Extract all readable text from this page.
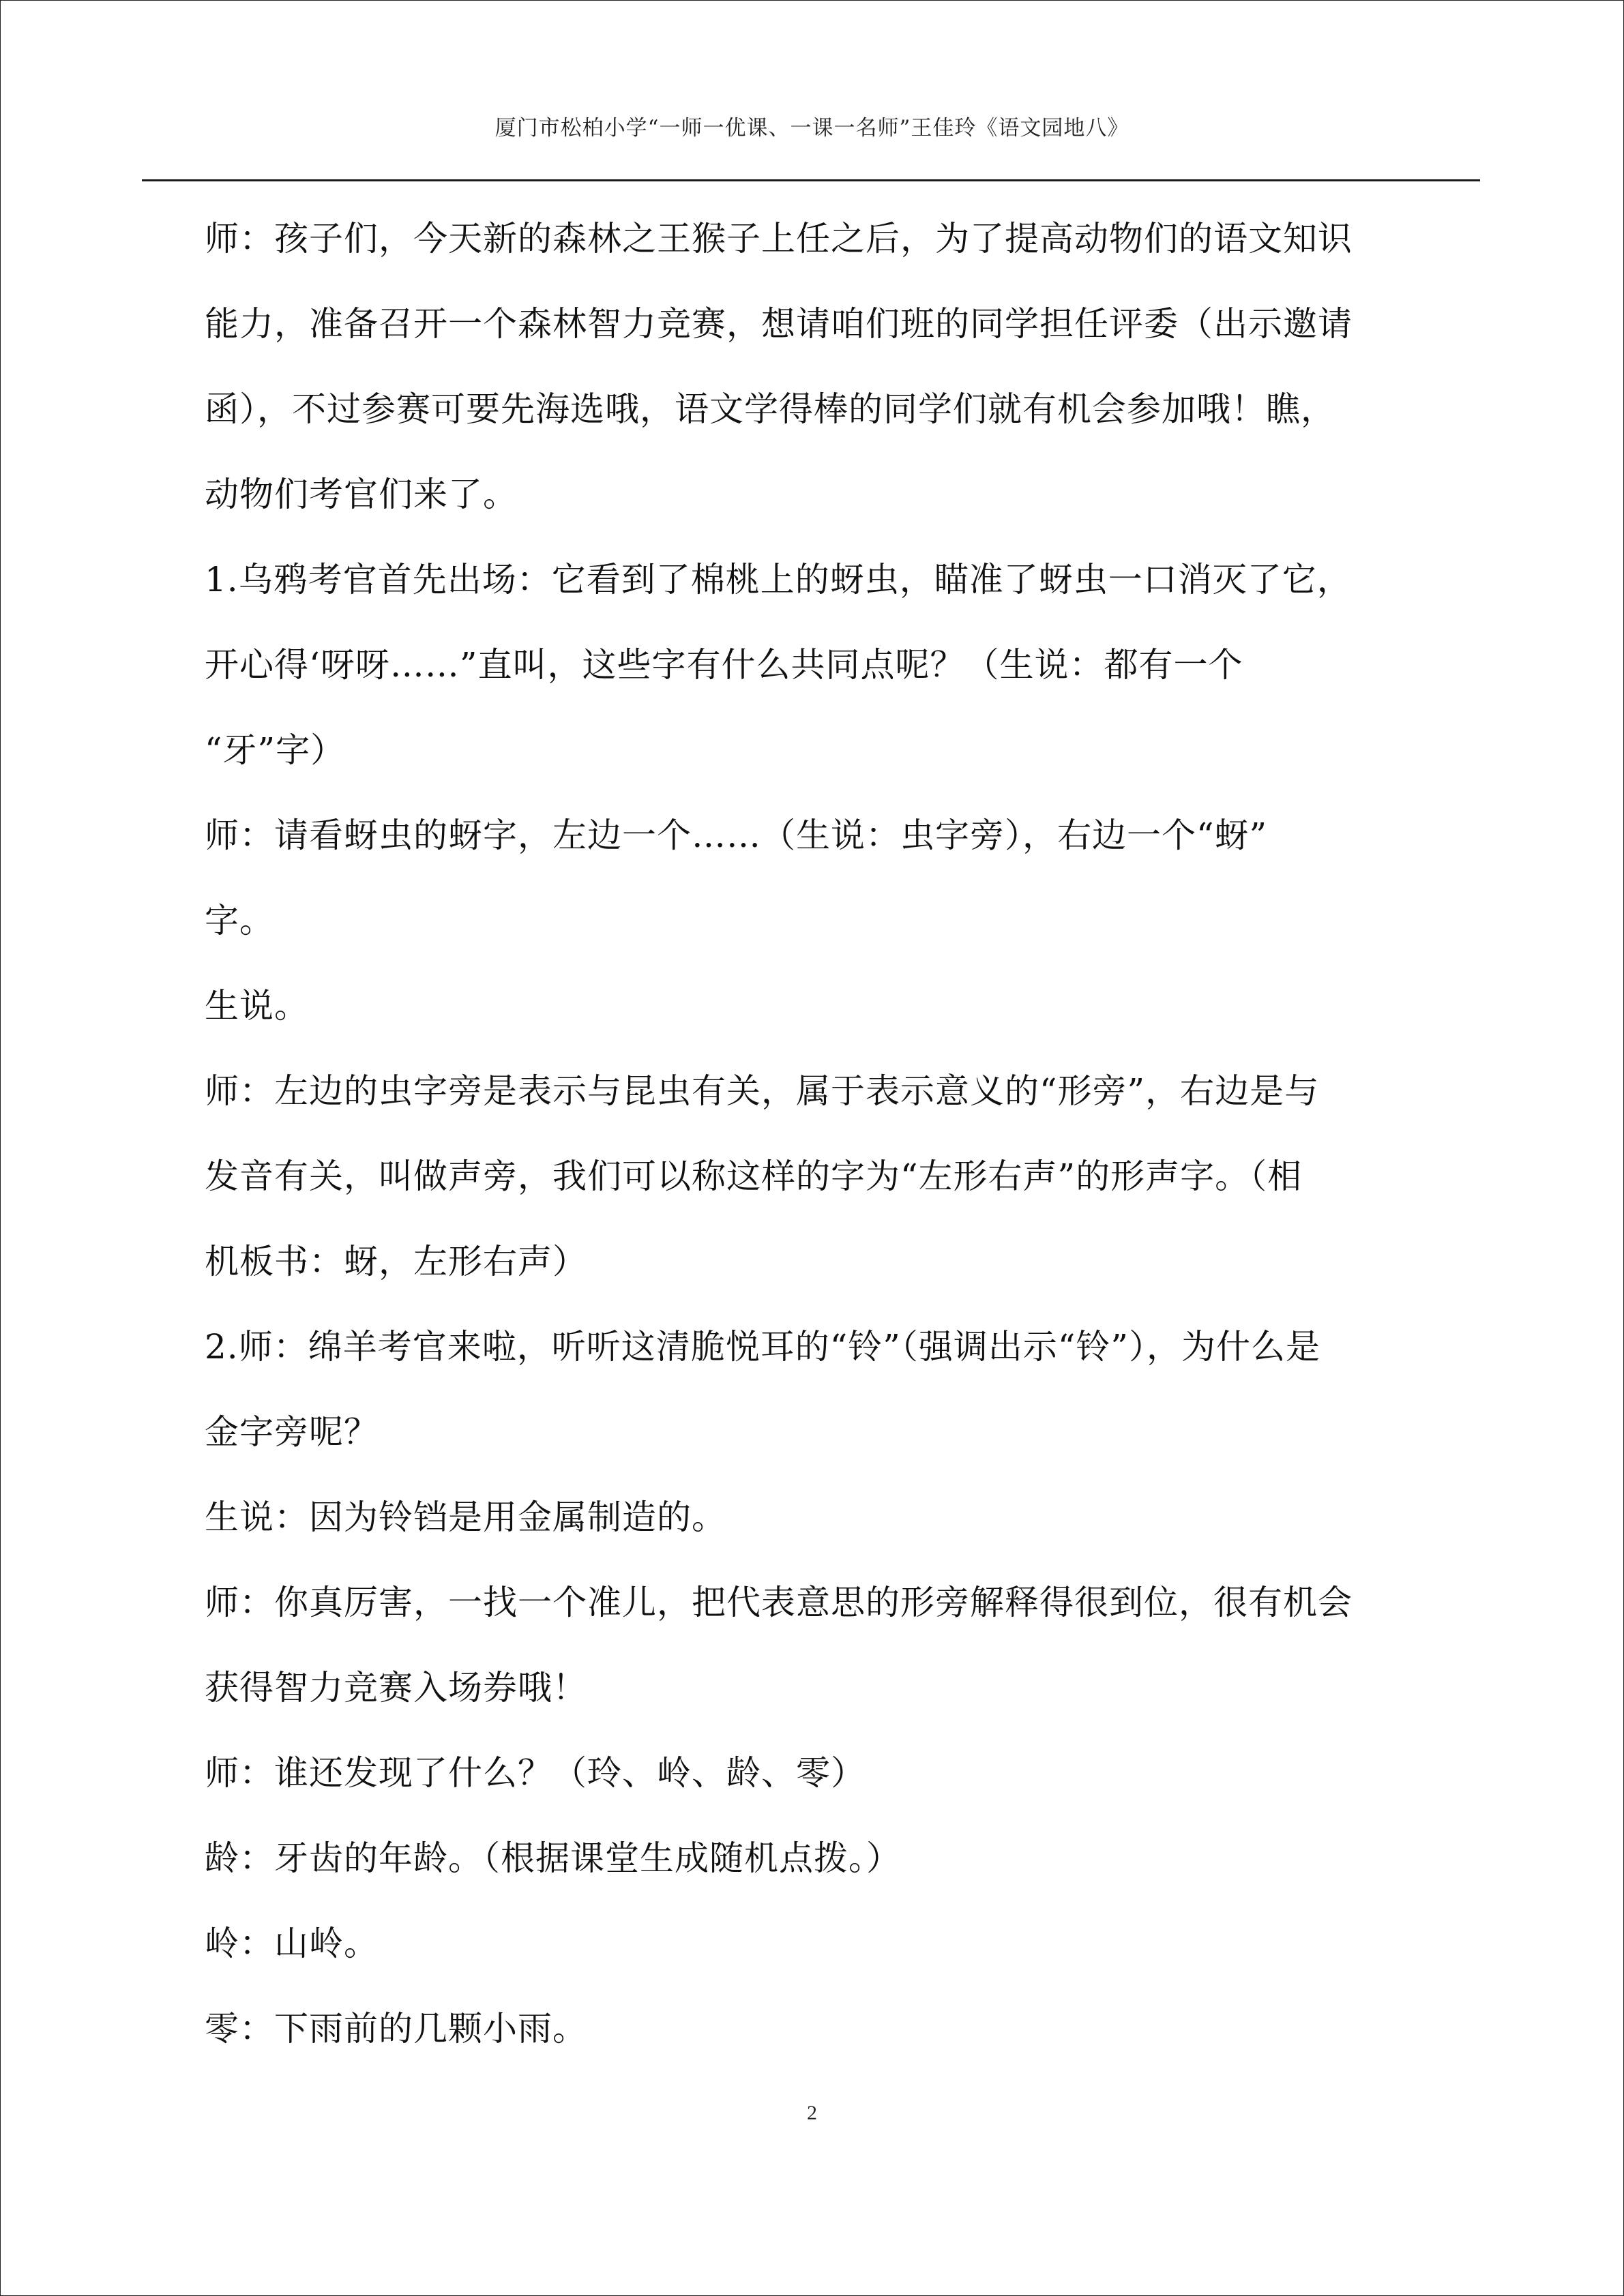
厦门市松柏小学“一师一优课、一课一名师”王佳玲《语文园地八》
师：孩子们，今天新的森林之王猴子上任之后，为了提高动物们的语文知识
能力，准备召开一个森林智力竞赛，想请咱们班的同学担任评委（出示邀请
函），不过参赛可要先海选哦，语文学得棒的同学们就有机会参加哦！瞧，
动物们考官们来了。
1.乌鸦考官首先出场：它看到了棉桃上的蚜虫，瞄准了蚜虫一口消灭了它，
开心得‘呀呀……”直叫，这些字有什么共同点呢？（生说：都有一个
“牙”字）
师：请看蚜虫的蚜字，左边一个……（生说：虫字旁），右边一个“蚜”
字。
生说。
师：左边的虫字旁是表示与昆虫有关，属于表示意义的“形旁”，右边是与
发音有关，叫做声旁，我们可以称这样的字为“左形右声”的形声字。（相
机板书：蚜，左形右声）
2.师：绵羊考官来啦，听听这清脆悦耳的“铃”（强调出示“铃”），为什么是
金字旁呢？
生说：因为铃铛是用金属制造的。
师：你真厉害，一找一个准儿，把代表意思的形旁解释得很到位，很有机会
获得智力竞赛入场券哦！
师：谁还发现了什么？（玲、岭、龄、零）
龄：牙齿的年龄。（根据课堂生成随机点拨。）
岭：山岭。
零：下雨前的几颗小雨。
2
